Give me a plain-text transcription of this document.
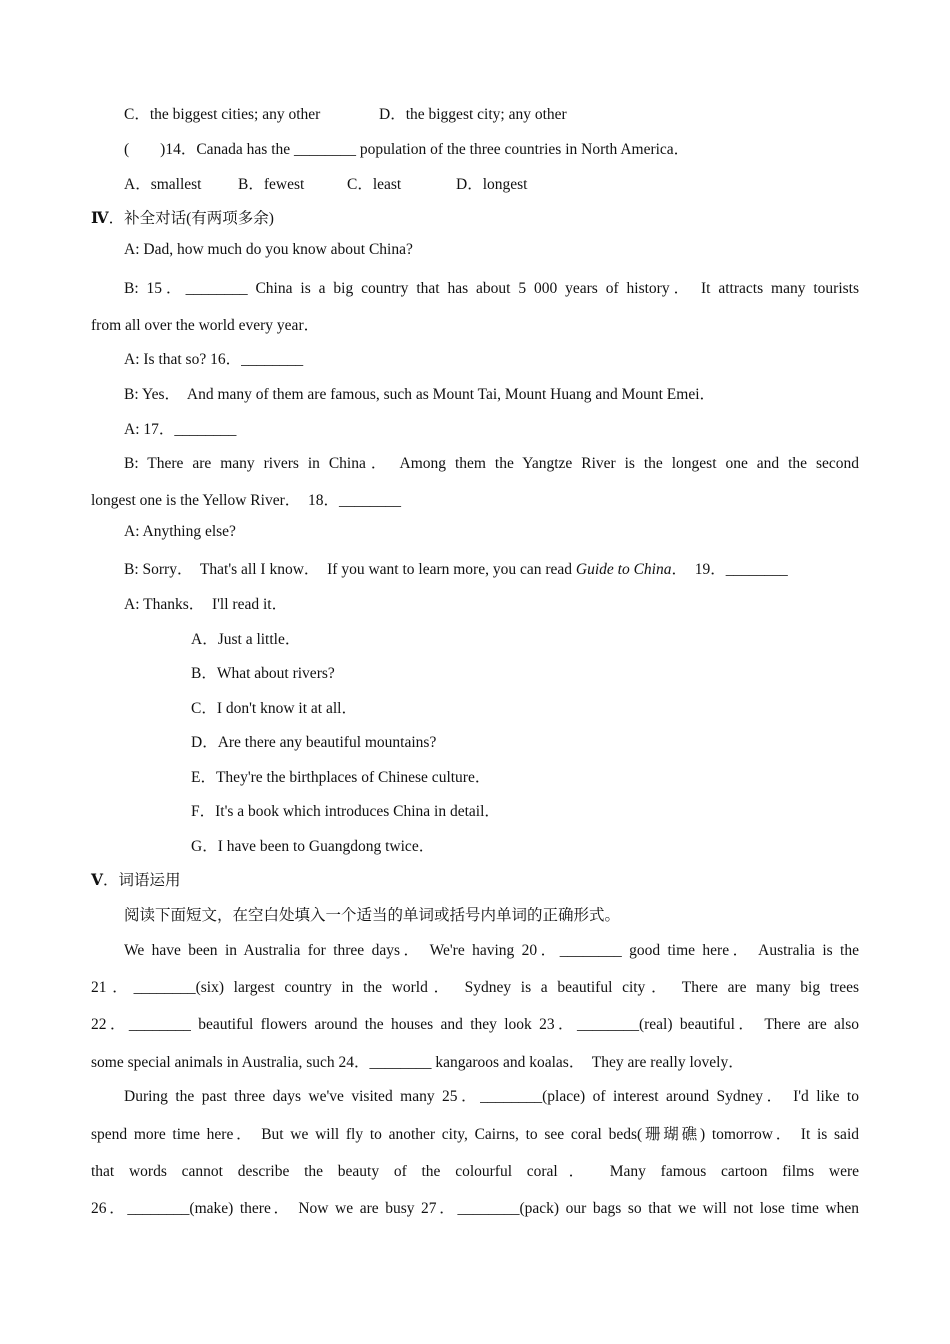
C．the biggest cities; any other	D．the biggest city; any other
(　　)14．Canada has the ________ population of the three countries in North America．
A．smallest B．fewest	C．least	D．longest
Ⅳ．补全对话(有两项多余)
A: Dad, how much do you know about China?
B: 15．________ China is a big country that has about 5 000 years of history． It attracts many tourists
from all over the world every year．
A: Is that so? 16．________
B: Yes．  And many of them are famous, such as Mount Tai, Mount Huang and Mount Emei．
A: 17．________
B: There are many rivers in China． Among them the Yangtze River is the longest one and the second
longest one is the Yellow River．  18．________
A: Anything else?
B: Sorry．  That's all I know．  If you want to learn more, you can read Guide to China．  19．________
A: Thanks．  I'll read it．
A．Just a little．
B．What about rivers?
C．I don't know it at all．
D．Are there any beautiful mountains?
E．They're the birthplaces of Chinese culture．
F．It's a book which introduces China in detail．
G．I have been to Guangdong twice．
Ⅴ．词语运用
阅读下面短文，在空白处填入一个适当的单词或括号内单词的正确形式。
We have been in Australia for three days． We're having 20．________ good time here． Australia is the
21．________(six) largest country in the world． Sydney is a beautiful city． There are many big trees
22．________ beautiful flowers around the houses and they look 23．________(real) beautiful． There are also
some special animals in Australia, such 24．________ kangaroos and koalas．  They are really lovely．
During the past three days we've visited many 25．________(place) of interest around Sydney． I'd like to
spend more time here． But we will fly to another city, Cairns, to see coral beds(珊瑚礁) tomorrow． It is said
that words cannot describe the beauty of the colourful coral． Many famous cartoon films were
26．________(make) there． Now we are busy 27．________(pack) our bags so that we will not lose time when
